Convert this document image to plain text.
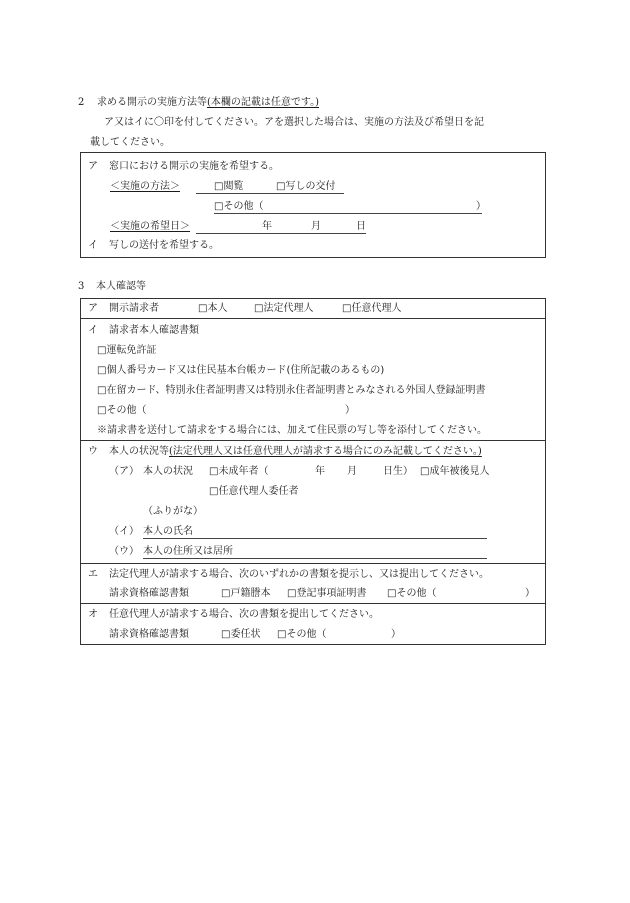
2 求める開示の実施方法等(本欄の記載は任意です。)
ア又はイに〇印を付してください。アを選択した場合は、実施の方法及び希望日を記
載してください。
ア 窓口における開示の実施を希望する。
＜実施の方法＞	□閲覧	□写しの交付
□その他（	）
＜実施の希望日＞	年	月	日
イ 写しの送付を希望する。
3 本人確認等
ア 開示請求者	□本人	□法定代理人	□任意代理人
イ 請求者本人確認書類
□運転免許証
□個人番号カード又は住民基本台帳カード(住所記載のあるもの)
□在留カード、特別永住者証明書又は特別永住者証明書とみなされる外国人登録証明書
□その他（	）
※請求書を送付して請求をする場合には、加えて住民票の写し等を添付してください。
ウ 本人の状況等(法定代理人又は任意代理人が請求する場合にのみ記載してください。)
（ア） 本人の状況 □未成年者（	年 月	日生） □成年被後見人
□任意代理人委任者
（ふりがな）
（イ） 本人の氏名
（ウ） 本人の住所又は居所
エ 法定代理人が請求する場合、次のいずれかの書類を提示し、又は提出してください。
請求資格確認書類	□戸籍謄本 □登記事項証明書 □その他（	）
オ 任意代理人が請求する場合、次の書類を提出してください。
請求資格確認書類	□委任状 □その他（	）
